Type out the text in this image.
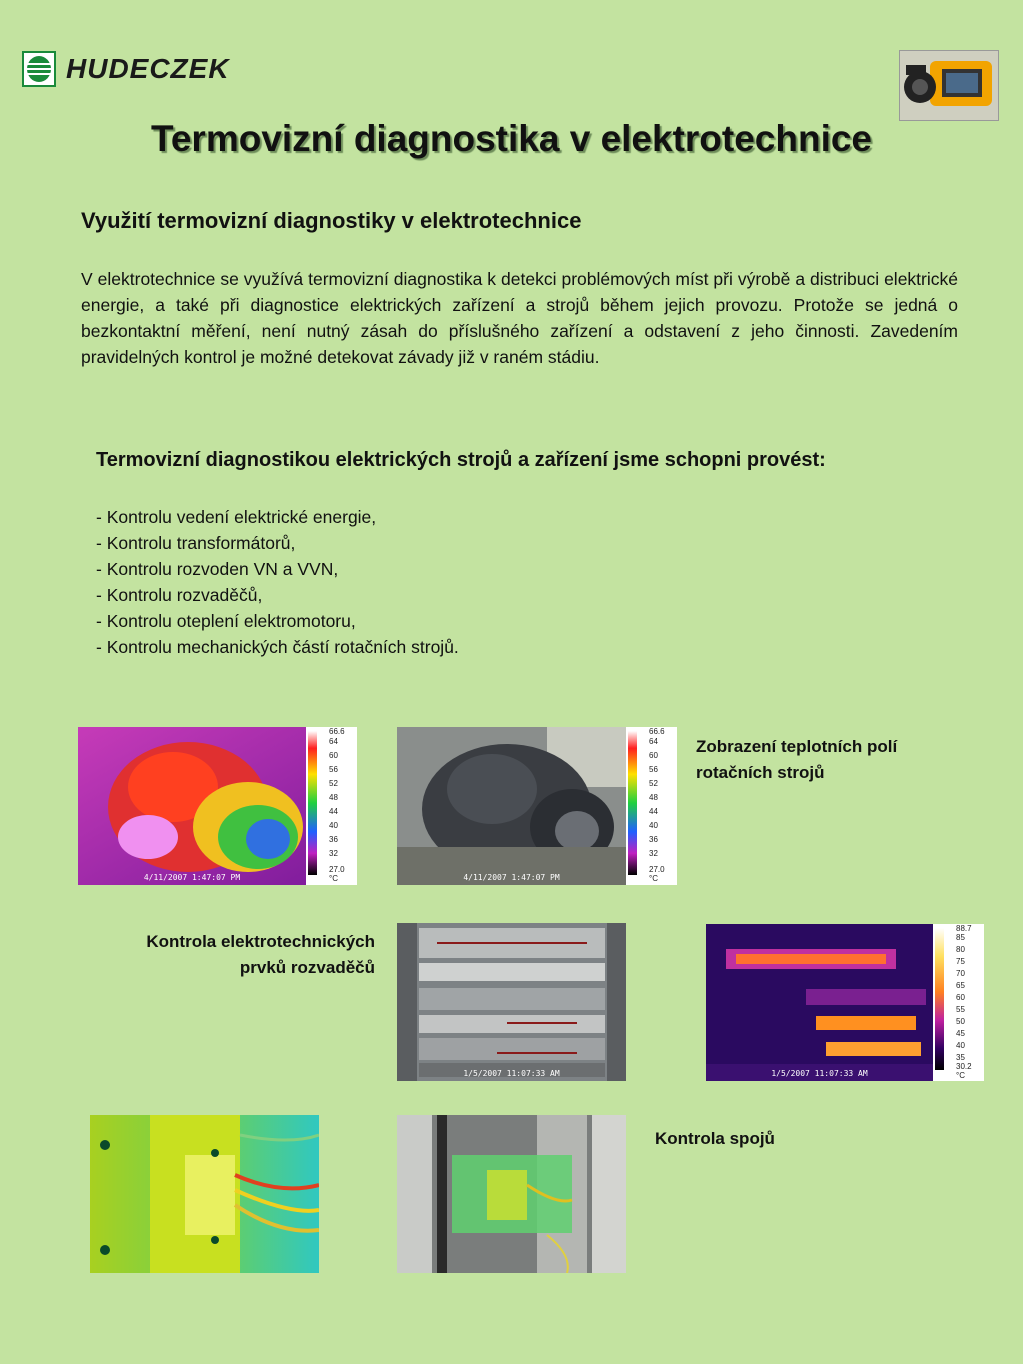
HUDECZEK
Termovizní diagnostika v elektrotechnice
Využití termovizní diagnostiky v elektrotechnice
V elektrotechnice se využívá termovizní diagnostika k detekci problémových míst při výrobě a distribuci elektrické energie, a také při diagnostice elektrických zařízení a strojů během jejich provozu. Protože se jedná o bezkontaktní měření, není nutný zásah do příslušného zařízení a odstavení z jeho činnosti. Zavedením pravidelných kontrol je možné detekovat závady již v raném stádiu.
Termovizní diagnostikou elektrických strojů a zařízení jsme schopni provést:
- Kontrolu vedení elektrické energie,
- Kontrolu transformátorů,
- Kontrolu rozvoden VN a VVN,
- Kontrolu rozvaděčů,
- Kontrolu oteplení elektromotoru,
- Kontrolu mechanických částí rotačních strojů.
66.6
°C
27.0
64
60
56
52
48
44
40
36
32
4/11/2007 1:47:07 PM
66.6
64
60
56
52
48
44
40
36
32
27.0
°C
4/11/2007 1:47:07 PM
Zobrazení teplotních polí rotačních strojů
Kontrola elektrotechnických prvků rozvaděčů
1/5/2007 11:07:33 AM
88.7
85
80
75
70
65
60
55
50
45
40
35
30.2
°C
1/5/2007 11:07:33 AM
Kontrola spojů
